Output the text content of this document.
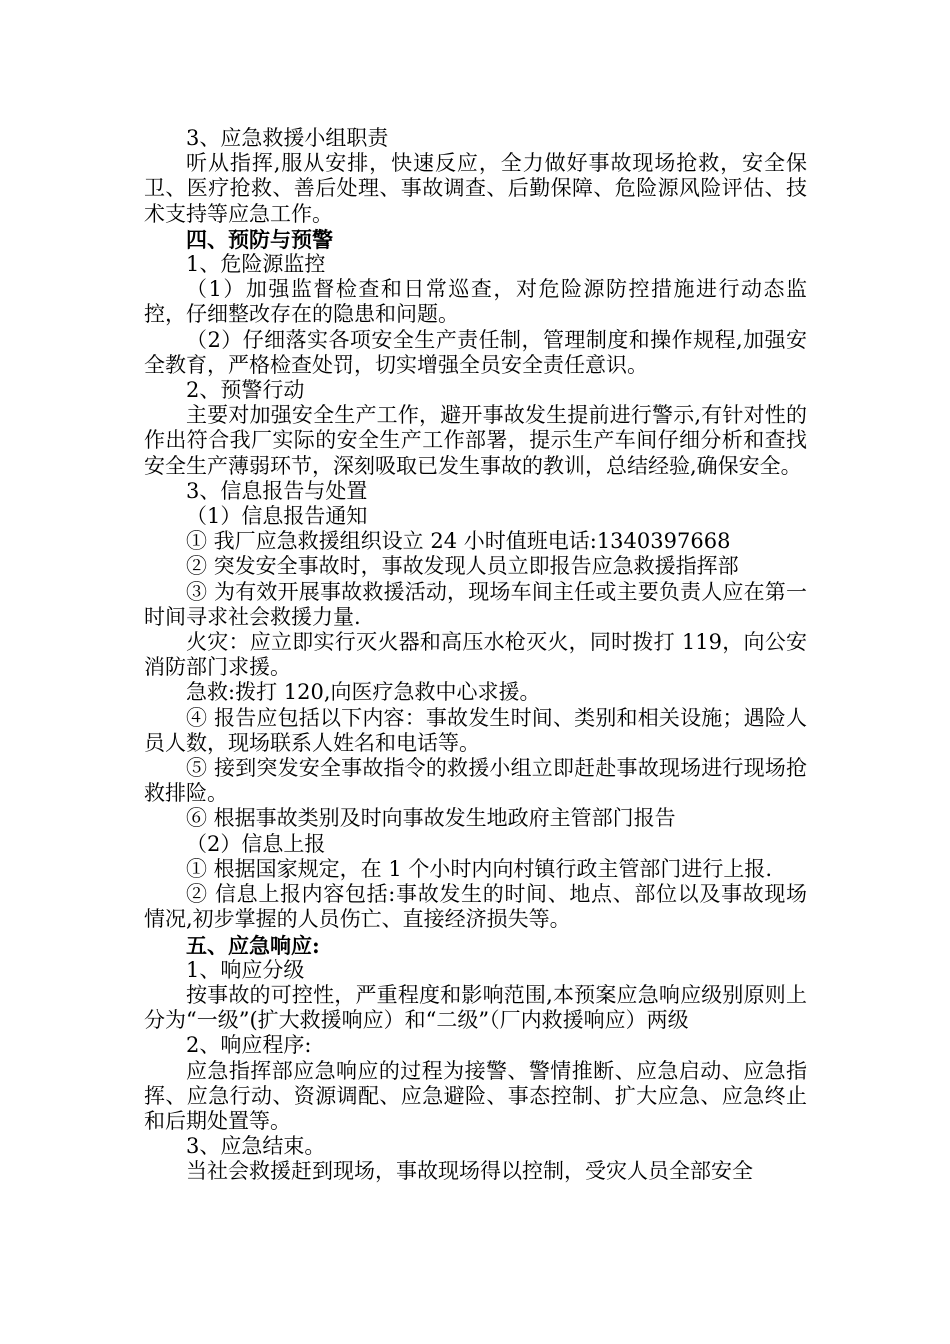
3、应急救援小组职责

听从指挥,服从安排，快速反应，全力做好事故现场抢救，安全保卫、医疗抢救、善后处理、事故调查、后勤保障、危险源风险评估、技术支持等应急工作。

四、预防与预警

1、危险源监控

（1）加强监督检查和日常巡查，对危险源防控措施进行动态监控，仔细整改存在的隐患和问题。

（2）仔细落实各项安全生产责任制，管理制度和操作规程,加强安全教育，严格检查处罚，切实增强全员安全责任意识。

2、预警行动

主要对加强安全生产工作，避开事故发生提前进行警示,有针对性的作出符合我厂实际的安全生产工作部署，提示生产车间仔细分析和查找安全生产薄弱环节，深刻吸取已发生事故的教训，总结经验,确保安全。

3、信息报告与处置

（1）信息报告通知

① 我厂应急救援组织设立 24 小时值班电话:1340397668

② 突发安全事故时，事故发现人员立即报告应急救援指挥部

③ 为有效开展事故救援活动，现场车间主任或主要负责人应在第一时间寻求社会救援力量.

火灾：应立即实行灭火器和高压水枪灭火，同时拨打 119，向公安消防部门求援。

急救:拨打 120,向医疗急救中心求援。

④ 报告应包括以下内容：事故发生时间、类别和相关设施；遇险人员人数，现场联系人姓名和电话等。

⑤ 接到突发安全事故指令的救援小组立即赶赴事故现场进行现场抢救排险。

⑥ 根据事故类别及时向事故发生地政府主管部门报告

（2）信息上报

① 根据国家规定，在 1 个小时内向村镇行政主管部门进行上报.

② 信息上报内容包括:事故发生的时间、地点、部位以及事故现场情况,初步掌握的人员伤亡、直接经济损失等。

五、应急响应:

1、响应分级

按事故的可控性，严重程度和影响范围,本预案应急响应级别原则上分为“一级”(扩大救援响应）和“二级”（厂内救援响应）两级

2、响应程序:

应急指挥部应急响应的过程为接警、警情推断、应急启动、应急指挥、应急行动、资源调配、应急避险、事态控制、扩大应急、应急终止和后期处置等。

3、应急结束。

当社会救援赶到现场，事故现场得以控制，受灾人员全部安全
